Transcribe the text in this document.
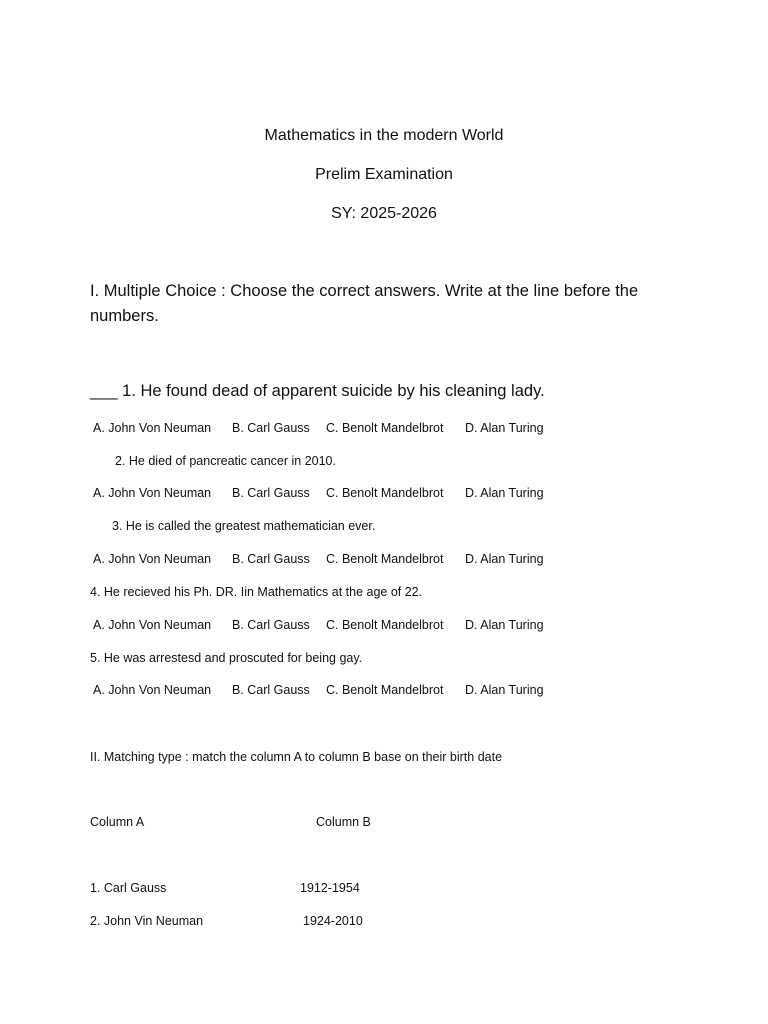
Mathematics in the modern World
Prelim Examination
SY: 2025-2026
I. Multiple Choice : Choose the correct answers. Write at the line before the
numbers.
___ 1. He found dead of apparent suicide by his cleaning lady.
A. John Von Neuman	B. Carl Gauss	C. Benolt Mandelbrot	D. Alan Turing
2. He died of pancreatic cancer in 2010.
A. John Von Neuman	B. Carl Gauss	C. Benolt Mandelbrot	D. Alan Turing
3. He is called the greatest mathematician ever.
A. John Von Neuman	B. Carl Gauss	C. Benolt Mandelbrot	D. Alan Turing
4. He recieved his Ph. DR. Iin Mathematics at the age of 22.
A. John Von Neuman	B. Carl Gauss	C. Benolt Mandelbrot	D. Alan Turing
5. He was arrestesd and proscuted for being gay.
A. John Von Neuman	B. Carl Gauss	C. Benolt Mandelbrot	D. Alan Turing
II. Matching type : match the column A to column B base on their birth date
Column A	Column B
1. Carl Gauss	1912-1954
2. John Vin Neuman	1924-2010
